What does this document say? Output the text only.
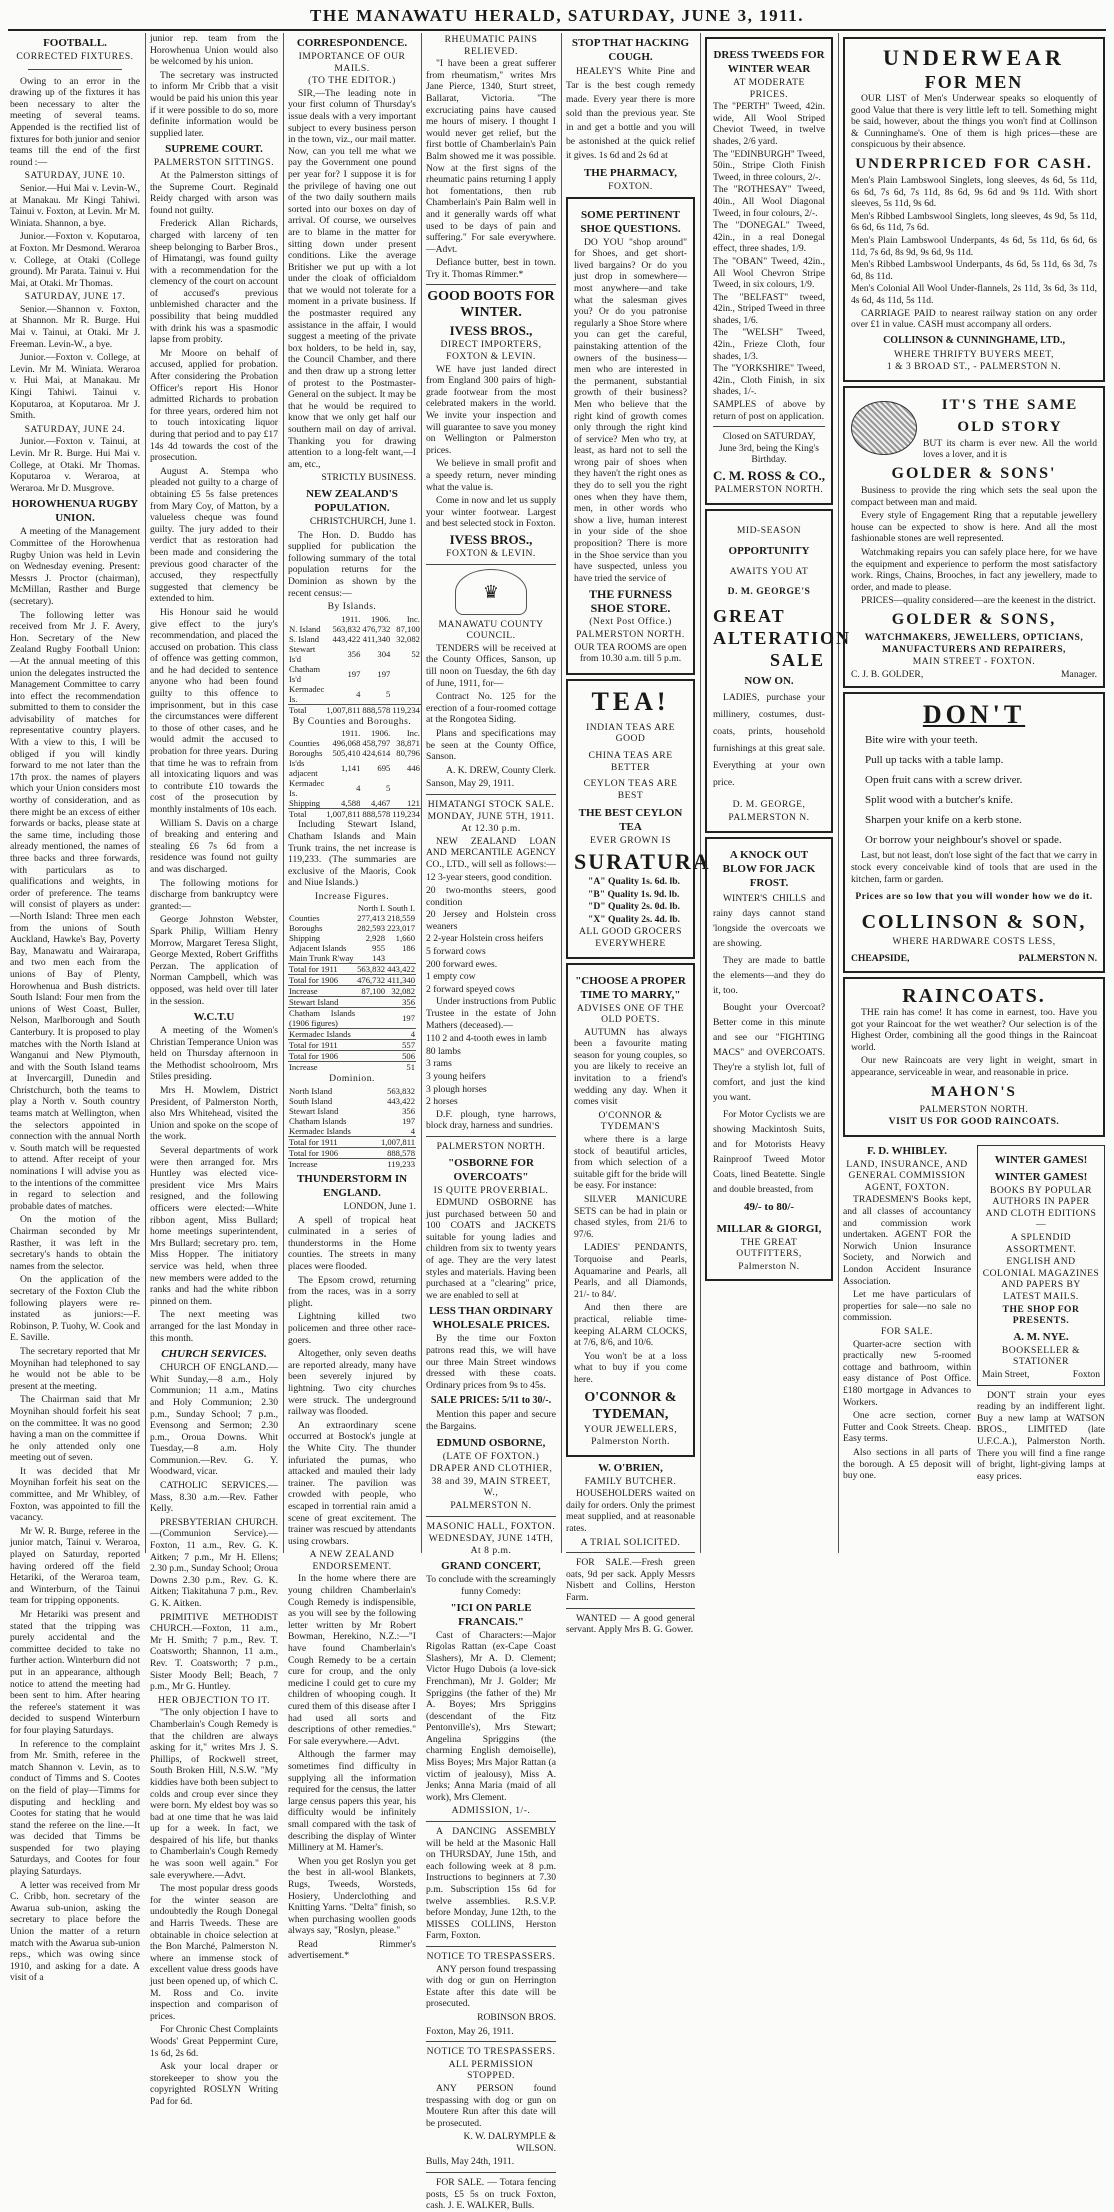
THE MANAWATU HERALD, SATURDAY, JUNE 3, 1911.
FOOTBALL.
CORRECTED FIXTURES.

Owing to an error in the drawing up of the fixtures it has been necessary to alter the meeting of several teams. Appended is the rectified list of fixtures for both junior and senior teams till the end of the first round :—

SATURDAY, JUNE 10.

Senior.—Hui Mai v. Levin-W., at Manakau. Mr Kingi Tahiwi. Tainui v. Foxton, at Levin. Mr M. Winiata. Shannon, a bye.

Junior.—Foxton v. Koputaroa, at Foxton. Mr Desmond. Weraroa v. College, at Otaki (College ground). Mr Parata. Tainui v. Hui Mai, at Otaki. Mr Thomas.

SATURDAY, JUNE 17.

Senior.—Shannon v. Foxton, at Shannon. Mr R. Burge. Hui Mai v. Tainui, at Otaki. Mr J. Freeman. Levin-W., a bye.

Junior.—Foxton v. College, at Levin. Mr M. Winiata. Weraroa v. Hui Mai, at Manakau. Mr Kingi Tahiwi. Tainui v. Koputaroa, at Koputaroa. Mr J. Smith.

SATURDAY, JUNE 24.

Junior.—Foxton v. Tainui, at Levin. Mr R. Burge. Hui Mai v. College, at Otaki. Mr Thomas. Koputaroa v. Weraroa, at Weraroa. Mr D. Musgrove.

HOROWHENUA RUGBY UNION.

A meeting of the Management Committee of the Horowhenua Rugby Union was held in Levin on Wednesday evening. Present: Messrs J. Proctor (chairman), McMillan, Rasther and Burge (secretary).

The following letter was received from Mr J. F. Avery, Hon. Secretary of the New Zealand Rugby Football Union:—At the annual meeting of this union the delegates instructed the Management Committee to carry into effect the recommendation submitted to them to consider the advisability of matches for representative country players. With a view to this, I will be obliged if you will kindly forward to me not later than the 17th prox. the names of players which your Union considers most worthy of consideration, and as there might be an excess of either forwards or backs, please state at the same time, including those already mentioned, the names of three backs and three forwards, with particulars as to qualifications and weights, in order of preference. The teams will consist of players as under:—North Island: Three men each from the unions of South Auckland, Hawke's Bay, Poverty Bay, Manawatu and Wairarapa, and two men each from the unions of Bay of Plenty, Horowhenua and Bush districts. South Island: Four men from the unions of West Coast, Buller, Nelson, Marlborough and South Canterbury. It is proposed to play matches with the North Island at Wanganui and New Plymouth, and with the South Island teams at Invercargill, Dunedin and Christchurch, both the teams to play a North v. South country teams match at Wellington, when the selectors appointed in connection with the annual North v. South match will be requested to attend. After receipt of your nominations I will advise you as to the intentions of the committee in regard to selection and probable dates of matches.

On the motion of the Chairman seconded by Mr Rasther, it was left in the secretary's hands to obtain the names from the selector.

On the application of the secretary of the Foxton Club the following players were re-instated as juniors:—F. Robinson, P. Tuohy, W. Cook and E. Saville.

The secretary reported that Mr Moynihan had telephoned to say he would not be able to be present at the meeting.

The Chairman said that Mr Moynihan should forfeit his seat on the committee. It was no good having a man on the committee if he only attended only one meeting out of seven.

It was decided that Mr Moynihan forfeit his seat on the committee, and Mr Whibley, of Foxton, was appointed to fill the vacancy.

Mr W. R. Burge, referee in the junior match, Tainui v. Weraroa, played on Saturday, reported having ordered off the field Hetariki, of the Weraroa team, and Winterburn, of the Tainui team for tripping opponents.

Mr Hetariki was present and stated that the tripping was purely accidental and the committee decided to take no further action. Winterburn did not put in an appearance, although notice to attend the meeting had been sent to him. After hearing the referee's statement it was decided to suspend Winterburn for four playing Saturdays.

In reference to the complaint from Mr. Smith, referee in the match Shannon v. Levin, as to conduct of Timms and S. Cootes on the field of play—Timms for disputing and heckling and Cootes for stating that he would stand the referee on the line.—It was decided that Timms be suspended for two playing Saturdays, and Cootes for four playing Saturdays.

A letter was received from Mr C. Cribb, hon. secretary of the Awarua sub-union, asking the secretary to place before the Union the matter of a return match with the Awarua sub-union reps., which was owing since 1910, and asking for a date. A visit of a

junior rep. team from the Horowhenua Union would also be welcomed by his union.

The secretary was instructed to inform Mr Cribb that a visit would be paid his union this year if it were possible to do so, more definite information would be supplied later.

SUPREME COURT.
PALMERSTON SITTINGS.

At the Palmerston sittings of the Supreme Court. Reginald Reidy charged with arson was found not guilty.

Frederick Allan Richards, charged with larceny of ten sheep belonging to Barber Bros., of Himatangi, was found guilty with a recommendation for the clemency of the court on account of accused's previous unblemished character and the possibility that being muddled with drink his was a spasmodic lapse from probity.

Mr Moore on behalf of accused, applied for probation. After considering the Probation Officer's report His Honor admitted Richards to probation for three years, ordered him not to touch intoxicating liquor during that period and to pay £17 14s 4d towards the cost of the prosecution.

August A. Stempa who pleaded not guilty to a charge of obtaining £5 5s false pretences from Mary Coy, of Matton, by a valueless cheque was found guilty. The jury added to their verdict that as restoration had been made and considering the previous good character of the accused, they respectfully suggested that clemency be extended to him.

His Honour said he would give effect to the jury's recommendation, and placed the accused on probation. This class of offence was getting common, and he had decided to sentence anyone who had been found guilty to this offence to imprisonment, but in this case the circumstances were different to those of other cases, and he would admit the accused to probation for three years. During that time he was to refrain from all intoxicating liquors and was to contribute £10 towards the cost of the prosecution by monthly instalments of 10s each.

William S. Davis on a charge of breaking and entering and stealing £6 7s 6d from a residence was found not guilty and was discharged.

The following motions for discharge from bankruptcy were granted:—

George Johnston Webster, Spark Philip, William Henry Morrow, Margaret Teresa Slight, George Mexted, Robert Griffiths Perzan. The application of Norman Campbell, which was opposed, was held over till later in the session.

W.C.T.U

A meeting of the Women's Christian Temperance Union was held on Thursday afternoon in the Methodist schoolroom, Mrs Stiles presiding.

Mrs H. Mowlem, District President, of Palmerston North, also Mrs Whitehead, visited the Union and spoke on the scope of the work.

Several departments of work were then arranged for. Mrs Huntley was elected vice-president vice Mrs Mairs resigned, and the following officers were elected:—White ribbon agent, Miss Bullard; home meetings superintendent, Mrs Bullard; secretary pro. tem, Miss Hopper. The initiatory service was held, when three new members were added to the ranks and had the white ribbon pinned on them.

The next meeting was arranged for the last Monday in this month.

CHURCH SERVICES.

CHURCH OF ENGLAND.—Whit Sunday,—8 a.m., Holy Communion; 11 a.m., Matins and Holy Communion; 2.30 p.m., Sunday School; 7 p.m., Evensong and Sermon; 2.30 p.m., Oroua Downs. Whit Tuesday,—8 a.m. Holy Communion.—Rev. G. Y. Woodward, vicar.

CATHOLIC SERVICES.—Mass, 8.30 a.m.—Rev. Father Kelly.

PRESBYTERIAN CHURCH.—(Communion Service).—Foxton, 11 a.m., Rev. G. K. Aitken; 7 p.m., Mr H. Ellens; 2.30 p.m., Sunday School; Oroua Downs 2.30 p.m., Rev. G. K. Aitken; Tiakitahuna 7 p.m., Rev. G. K. Aitken.

PRIMITIVE METHODIST CHURCH.—Foxton, 11 a.m., Mr H. Smith; 7 p.m., Rev. T. Coatsworth; Shannon, 11 a.m., Rev. T. Coatsworth; 7 p.m., Sister Moody Bell; Beach, 7 p.m., Mr G. Huntley.

HER OBJECTION TO IT.

"The only objection I have to Chamberlain's Cough Remedy is that the children are always asking for it," writes Mrs J. S. Phillips, of Rockwell street, South Broken Hill, N.S.W. "My kiddies have both been subject to colds and croup ever since they were born. My eldest boy was so bad at one time that he was laid up for a week. In fact, we despaired of his life, but thanks to Chamberlain's Cough Remedy he was soon well again." For sale everywhere.—Advt.

The most popular dress goods for the winter season are undoubtedly the Rough Donegal and Harris Tweeds. These are obtainable in choice selection at the Bon Marché, Palmerston N. where an immense stock of excellent value dress goods have just been opened up, of which C. M. Ross and Co. invite inspection and comparison of prices.

For Chronic Chest Complaints Woods' Great Peppermint Cure, 1s 6d, 2s 6d.

Ask your local draper or storekeeper to show you the copyrighted ROSLYN Writing Pad for 6d.

CORRESPONDENCE.
IMPORTANCE OF OUR MAILS.
(TO THE EDITOR.)

SIR,—The leading note in your first column of Thursday's issue deals with a very important subject to every business person in the town, viz., our mail matter. Now, can you tell me what we pay the Government one pound per year for? I suppose it is for the privilege of having one out of the two daily southern mails sorted into our boxes on day of arrival. Of course, we ourselves are to blame in the matter for sitting down under present conditions. Like the average Britisher we put up with a lot under the cloak of officialdom that we would not tolerate for a moment in a private business. If the postmaster required any assistance in the affair, I would suggest a meeting of the private box holders, to be held in, say, the Council Chamber, and there and then draw up a strong letter of protest to the Postmaster-General on the subject. It may be that he would be required to know that we only get half our southern mail on day of arrival. Thanking you for drawing attention to a long-felt want,—I am, etc.,

STRICTLY BUSINESS.

NEW ZEALAND'S POPULATION.

CHRISTCHURCH, June 1.

The Hon. D. Buddo has supplied for publication the following summary of the total population returns for the Dominion as shown by the recent census:—

By Islands.
	1911.	1906.	Inc.
N. Island	563,832	476,732	87,100
S. Island	443,422	411,340	32,082
Stewart Is'd	356	304	52
Chatham Is'd	197	197	
Kermadec Is.	4	5	
Total	1,007,811	888,578	119,234
By Counties and Boroughs.
	1911.	1906.	Inc.
Counties	496,068	458,797	38,871
Boroughs	505,410	424,614	80,796
Is'ds adjacent	1,141	695	446
Kermadec Is.	4	5	
Shipping	4,588	4,467	121
Total	1,007,811	888,578	119,234

Including Stewart Island, Chatham Islands and Main Trunk trains, the net increase is 119,233. (The summaries are exclusive of the Maoris, Cook and Niue Islands.)

Increase Figures.
	North I.	South I.
Counties	277,413	218,559
Boroughs	282,593	223,017
Shipping	2,928	1,660
Adjacent Islands	955	186
Main Trunk R'way	143	
Total for 1911	563,832	443,422
Total for 1906	476,732	411,340
Increase	87,100	32,082
Stewart Island		356
Chatham Islands (1906 figures)		197
Kermadec Islands		4
Total for 1911		557
Total for 1906		506
Increase		51
Dominion.
North Island		563,832
South Island		443,422
Stewart Island		356
Chatham Islands		197
Kermadec Islands		4
Total for 1911		1,007,811
Total for 1906		888,578
Increase		119,233
THUNDERSTORM IN ENGLAND.

LONDON, June 1.

A spell of tropical heat culminated in a series of thunderstorms in the Home counties. The streets in many places were flooded.

The Epsom crowd, returning from the races, was in a sorry plight.

Lightning killed two policemen and three other race-goers.

Altogether, only seven deaths are reported already, many have been severely injured by lightning. Two city churches were struck. The underground railway was flooded.

An extraordinary scene occurred at Bostock's jungle at the White City. The thunder infuriated the pumas, who attacked and mauled their lady trainer. The pavilion was crowded with people, who escaped in torrential rain amid a scene of great excitement. The trainer was rescued by attendants using crowbars.

A NEW ZEALAND ENDORSEMENT.

In the home where there are young children Chamberlain's Cough Remedy is indispensible, as you will see by the following letter written by Mr Robert Bowman, Herekino, N.Z.:—"I have found Chamberlain's Cough Remedy to be a certain cure for croup, and the only medicine I could get to cure my children of whooping cough. It cured them of this disease after I had used all sorts and descriptions of other remedies." For sale everywhere.—Advt.

Although the farmer may sometimes find difficulty in supplying all the information required for the census, the latter large census papers this year, his difficulty would be infinitely small compared with the task of describing the display of Winter Millinery at M. Hamer's.

When you get Roslyn you get the best in all-wool Blankets, Rugs, Tweeds, Worsteds, Hosiery, Underclothing and Knitting Yarns. "Delta" finish, so when purchasing woollen goods always say, "Roslyn, please."

Read Rimmer's advertisement.*

RHEUMATIC PAINS RELIEVED.

"I have been a great sufferer from rheumatism," writes Mrs Jane Pierce, 1340, Sturt street, Ballarat, Victoria. "The excruciating pains have caused me hours of misery. I thought I would never get relief, but the first bottle of Chamberlain's Pain Balm showed me it was possible. Now at the first signs of the rheumatic pains returning I apply hot fomentations, then rub Chamberlain's Pain Balm well in and it generally wards off what used to be days of pain and suffering." For sale everywhere.—Advt.

Defiance butter, best in town. Try it. Thomas Rimmer.*

GOOD BOOTS FOR WINTER.
IVESS BROS.,
DIRECT IMPORTERS, FOXTON & LEVIN.

WE have just landed direct from England 300 pairs of high-grade footwear from the most celebrated makers in the world. We invite your inspection and will guarantee to save you money on Wellington or Palmerston prices.

We believe in small profit and a speedy return, never minding what the value is.

Come in now and let us supply your winter footwear. Largest and best selected stock in Foxton.

IVESS BROS.,
FOXTON & LEVIN.
♛
MANAWATU COUNTY COUNCIL.

TENDERS will be received at the County Offices, Sanson, up till noon on Tuesday, the 6th day of June, 1911, for—

Contract No. 125 for the erection of a four-roomed cottage at the Rongotea Siding.

Plans and specifications may be seen at the County Office, Sanson.

A. K. DREW, County Clerk.

Sanson, May 29, 1911.

HIMATANGI STOCK SALE.
MONDAY, JUNE 5TH, 1911. At 12.30 p.m.

NEW ZEALAND LOAN AND MERCANTILE AGENCY CO., LTD., will sell as follows:—

12 3-year steers, good condition.
20 two-months steers, good condition
20 Jersey and Holstein cross weaners
2 2-year Holstein cross heifers
5 forward cows
200 forward ewes.
1 empty cow
2 forward speyed cows

Under instructions from Public Trustee in the estate of John Mathers (deceased).—

110 2 and 4-tooth ewes in lamb
80 lambs
3 rams
3 young heifers
3 plough horses
2 horses

D.F. plough, tyne harrows, block dray, harness and sundries.

PALMERSTON NORTH.
"OSBORNE FOR OVERCOATS"
IS QUITE PROVERBIAL.

EDMUND OSBORNE has just purchased between 50 and 100 COATS and JACKETS suitable for young ladies and children from six to twenty years of age. They are the very latest styles and materials. Having been purchased at a "clearing" price, we are enabled to sell at

LESS THAN ORDINARY WHOLESALE PRICES.

By the time our Foxton patrons read this, we will have our three Main Street windows dressed with these coats. Ordinary prices from 9s to 45s.

SALE PRICES: 5/11 to 30/-.

Mention this paper and secure the Bargains.

EDMUND OSBORNE,
(LATE OF FOXTON.)
DRAPER AND CLOTHIER,
38 and 39, MAIN STREET, W.,
PALMERSTON N.
MASONIC HALL, FOXTON.
WEDNESDAY, JUNE 14TH, At 8 p.m.
GRAND CONCERT,

To conclude with the screamingly funny Comedy:

"ICI ON PARLE FRANCAIS."

Cast of Characters:—Major Rigolas Rattan (ex-Cape Coast Slashers), Mr A. D. Clement; Victor Hugo Dubois (a love-sick Frenchman), Mr J. Golder; Mr Spriggins (the father of the) Mr A. Boyes; Mrs Spriggins (descendant of the Fitz Pentonville's), Mrs Stewart; Angelina Spriggins (the charming English demoiselle), Miss Boyes; Mrs Major Rattan (a victim of jealousy), Miss A. Jenks; Anna Maria (maid of all work), Mrs Clement.

ADMISSION, 1/-.

A DANCING ASSEMBLY will be held at the Masonic Hall on THURSDAY, June 15th, and each following week at 8 p.m. Instructions to beginners at 7.30 p.m. Subscription 15s 6d for twelve assemblies. R.S.V.P. before Monday, June 12th, to the MISSES COLLINS, Herston Farm, Foxton.

NOTICE TO TRESPASSERS.

ANY person found trespassing with dog or gun on Herrington Estate after this date will be prosecuted.

ROBINSON BROS.

Foxton, May 26, 1911.

NOTICE TO TRESPASSERS.
ALL PERMISSION STOPPED.

ANY PERSON found trespassing with dog or gun on Moutere Run after this date will be prosecuted.

K. W. DALRYMPLE & WILSON.

Bulls, May 24th, 1911.

FOR SALE. — Totara fencing posts, £5 5s on truck Foxton, cash. J. E. WALKER, Bulls.

STOP THAT HACKING COUGH.

HEALEY'S White Pine and Tar is the best cough remedy made. Every year there is more sold than the previous year. Ste in and get a bottle and you will be astonished at the quick relief it gives. 1s 6d and 2s 6d at

THE PHARMACY,
FOXTON.
SOME PERTINENT SHOE QUESTIONS.

DO YOU "shop around" for Shoes, and get short-lived bargains? Or do you just drop in somewhere—most anywhere—and take what the salesman gives you? Or do you patronise regularly a Shoe Store where you can get the careful, painstaking attention of the owners of the business—men who are interested in the permanent, substantial growth of their business? Men who believe that the right kind of growth comes only through the right kind of service? Men who try, at least, as hard not to sell the wrong pair of shoes when they haven't the right ones as they do to sell you the right ones when they have them, men, in other words who show a live, human interest in your side of the shoe proposition? There is more in the Shoe service than you have suspected, unless you have tried the service of

THE FURNESS SHOE STORE.
(Next Post Office.)
PALMERSTON NORTH.

OUR TEA ROOMS are open from 10.30 a.m. till 5 p.m.

TEA!
INDIAN TEAS ARE GOOD
CHINA TEAS ARE BETTER
CEYLON TEAS ARE BEST
THE BEST CEYLON TEA
EVER GROWN IS
SURATURA
"A" Quality 1s. 6d. lb.
"B" Quality 1s. 9d. lb.
"D" Quality 2s. 0d. lb.
"X" Quality 2s. 4d. lb.
ALL GOOD GROCERS EVERYWHERE
"CHOOSE A PROPER TIME TO MARRY,"
ADVISES ONE OF THE OLD POETS.

AUTUMN has always been a favourite mating season for young couples, so you are likely to receive an invitation to a friend's wedding any day. When it comes visit

O'CONNOR & TYDEMAN'S

where there is a large stock of beautiful articles, from which selection of a suitable gift for the bride will be easy. For instance:

SILVER MANICURE SETS can be had in plain or chased styles, from 21/6 to 97/6.

LADIES' PENDANTS, Torquoise and Pearls, Aquamarine and Pearls, all Pearls, and all Diamonds, 21/- to 84/.

And then there are practical, reliable time-keeping ALARM CLOCKS, at 7/6, 8/6, and 10/6.

You won't be at a loss what to buy if you come here.

O'CONNOR & TYDEMAN,
YOUR JEWELLERS,
Palmerston North.
W. O'BRIEN,
FAMILY BUTCHER.

HOUSEHOLDERS waited on daily for orders. Only the primest meat supplied, and at reasonable rates.

A TRIAL SOLICITED.

FOR SALE.—Fresh green oats, 9d per sack. Apply Messrs Nisbett and Collins, Herston Farm.

WANTED — A good general servant. Apply Mrs B. G. Gower.

DRESS TWEEDS FOR WINTER WEAR
AT MODERATE PRICES.
The "PERTH" Tweed, 42in. wide, All Wool Striped Cheviot Tweed, in twelve shades, 2/6 yard.
The "EDINBURGH" Tweed, 50in., Stripe Cloth Finish Tweed, in three colours, 2/-.
The "ROTHESAY" Tweed, 40in., All Wool Diagonal Tweed, in four colours, 2/-.
The "DONEGAL" Tweed, 42in., in a real Donegal effect, three shades, 1/9.
The "OBAN" Tweed, 42in., All Wool Chevron Stripe Tweed, in six colours, 1/9.
The "BELFAST" tweed, 42in., Striped Tweed in three shades, 1/6.
The "WELSH" Tweed, 42in., Frieze Cloth, four shades, 1/3.
The "YORKSHIRE" Tweed, 42in., Cloth Finish, in six shades, 1/-.
SAMPLES of above by return of post on application.

Closed on SATURDAY, June 3rd, being the King's Birthday.

C. M. ROSS & CO.,
PALMERSTON NORTH.
MID-SEASON
OPPORTUNITY
AWAITS YOU AT
D. M. GEORGE'S
GREAT
ALTERATION
SALE
NOW ON.

LADIES, purchase your millinery, costumes, dust-coats, prints, household furnishings at this great sale. Everything at your own price.

D. M. GEORGE,
PALMERSTON N.
A KNOCK OUT BLOW FOR JACK FROST.

WINTER'S CHILLS and rainy days cannot stand 'longside the overcoats we are showing.

They are made to battle the elements—and they do it, too.

Bought your Overcoat? Better come in this minute and see our "FIGHTING MACS" and OVERCOATS. They're a stylish lot, full of comfort, and just the kind you want.

For Motor Cyclists we are showing Mackintosh Suits, and for Motorists Heavy Rainproof Tweed Motor Coats, lined Beatette. Single and double breasted, from

49/- to 80/-
MILLAR & GIORGI,
THE GREAT OUTFITTERS,
Palmerston N.
UNDERWEAR
FOR MEN

OUR LIST of Men's Underwear speaks so eloquently of good Value that there is very little left to tell. Something might be said, however, about the things you won't find at Collinson & Cunninghame's. One of them is high prices—these are conspicuous by their absence.

UNDERPRICED FOR CASH.
Men's Plain Lambswool Singlets, long sleeves, 4s 6d, 5s 11d, 6s 6d, 7s 6d, 7s 11d, 8s 6d, 9s 6d and 9s 11d. With short sleeves, 5s 11d, 9s 6d.
Men's Ribbed Lambswool Singlets, long sleeves, 4s 9d, 5s 11d, 6s 6d, 6s 11d, 7s 6d.
Men's Plain Lambswool Underpants, 4s 6d, 5s 11d, 6s 6d, 6s 11d, 7s 6d, 8s 9d, 9s 6d, 9s 11d.
Men's Ribbed Lambswool Underpants, 4s 6d, 5s 11d, 6s 3d, 7s 6d, 8s 11d.
Men's Colonial All Wool Under-flannels, 2s 11d, 3s 6d, 3s 11d, 4s 6d, 4s 11d, 5s 11d.

CARRIAGE PAID to nearest railway station on any order over £1 in value. CASH must accompany all orders.

COLLINSON & CUNNINGHAME, LTD.,
WHERE THRIFTY BUYERS MEET,
1 & 3 BROAD ST., - PALMERSTON N.
IT'S THE SAME
OLD STORY

BUT its charm is ever new. All the world loves a lover, and it is

GOLDER & SONS'

Business to provide the ring which sets the seal upon the compact between man and maid.

Every style of Engagement Ring that a reputable jewellery house can be expected to show is here. And all the most fashionable stones are well represented.

Watchmaking repairs you can safely place here, for we have the equipment and experience to perform the most satisfactory work. Rings, Chains, Brooches, in fact any jewellery, made to order, and made to please.

PRICES—quality considered—are the keenest in the district.

GOLDER & SONS,
WATCHMAKERS, JEWELLERS, OPTICIANS, MANUFACTURERS AND REPAIRERS,
MAIN STREET - FOXTON.
C. J. B. GOLDER,	Manager.
DON'T
Bite wire with your teeth.
Pull up tacks with a table lamp.
Open fruit cans with a screw driver.
Split wood with a butcher's knife.
Sharpen your knife on a kerb stone.
Or borrow your neighbour's shovel or spade.

Last, but not least, don't lose sight of the fact that we carry in stock every conceivable kind of tools that are used in the kitchen, farm or garden.

Prices are so low that you will wonder how we do it.
COLLINSON & SON,
WHERE HARDWARE COSTS LESS,
CHEAPSIDE,	PALMERSTON N.
RAINCOATS.

THE rain has come! It has come in earnest, too. Have you got your Raincoat for the wet weather? Our selection is of the Highest Order, combining all the good things in the Raincoat world.

Our new Raincoats are very light in weight, smart in appearance, serviceable in wear, and reasonable in price.

MAHON'S
PALMERSTON NORTH.
VISIT US FOR GOOD RAINCOATS.
F. D. WHIBLEY.
LAND, INSURANCE, AND GENERAL COMMISSION AGENT, FOXTON.

TRADESMEN'S Books kept, and all classes of accountancy and commission work undertaken. AGENT FOR the Norwich Union Insurance Society, and Norwich and London Accident Insurance Association.

Let me have particulars of properties for sale—no sale no commission.

FOR SALE.

Quarter-acre section with practically new 5-roomed cottage and bathroom, within easy distance of Post Office. £180 mortgage in Advances to Workers.

One acre section, corner Futter and Cook Streets. Cheap. Easy terms.

Also sections in all parts of the borough. A £5 deposit will buy one.

WINTER GAMES!
WINTER GAMES!
BOOKS BY POPULAR AUTHORS IN PAPER AND CLOTH EDITIONS—
A SPLENDID ASSORTMENT.
ENGLISH AND COLONIAL MAGAZINES AND PAPERS BY LATEST MAILS.
THE SHOP FOR PRESENTS.
A. M. NYE.
BOOKSELLER & STATIONER
Main Street,	Foxton

DON'T strain your eyes reading by an indifferent light. Buy a new lamp at WATSON BROS., LIMITED (late U.F.C.A.), Palmerston North. There you will find a fine range of bright, light-giving lamps at easy prices.
